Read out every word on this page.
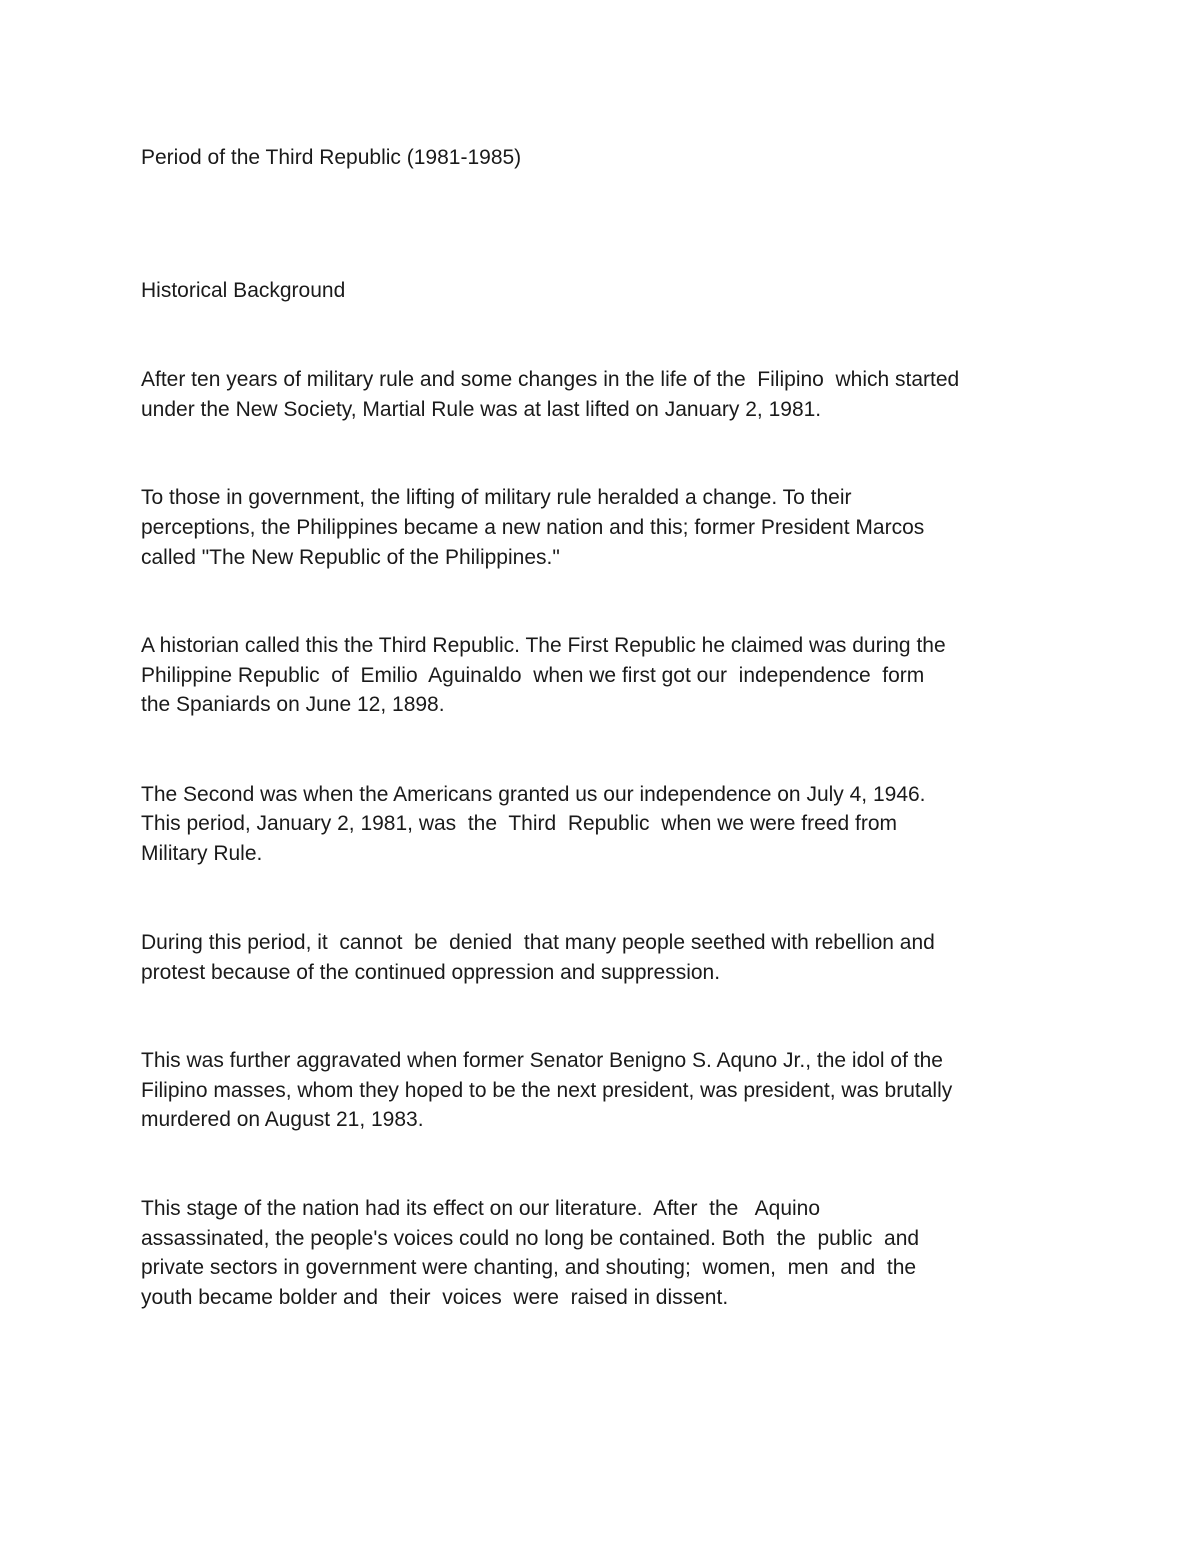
Period of the Third Republic (1981-1985)
Historical Background
After ten years of military rule and some changes in the life of the  Filipino  which started
under the New Society, Martial Rule was at last lifted on January 2, 1981.
To those in government, the lifting of military rule heralded a change. To their
perceptions, the Philippines became a new nation and this; former President Marcos
called "The New Republic of the Philippines."
A historian called this the Third Republic. The First Republic he claimed was during the
Philippine Republic  of  Emilio  Aguinaldo  when we first got our  independence  form
the Spaniards on June 12, 1898.
The Second was when the Americans granted us our independence on July 4, 1946.
This period, January 2, 1981, was  the  Third  Republic  when we were freed from
Military Rule.
During this period, it  cannot  be  denied  that many people seethed with rebellion and
protest because of the continued oppression and suppression.
This was further aggravated when former Senator Benigno S. Aquno Jr., the idol of the
Filipino masses, whom they hoped to be the next president, was president, was brutally
murdered on August 21, 1983.
This stage of the nation had its effect on our literature.  After  the   Aquino
assassinated, the people's voices could no long be contained. Both  the  public  and
private sectors in government were chanting, and shouting;  women,  men  and  the
youth became bolder and  their  voices  were  raised in dissent.
